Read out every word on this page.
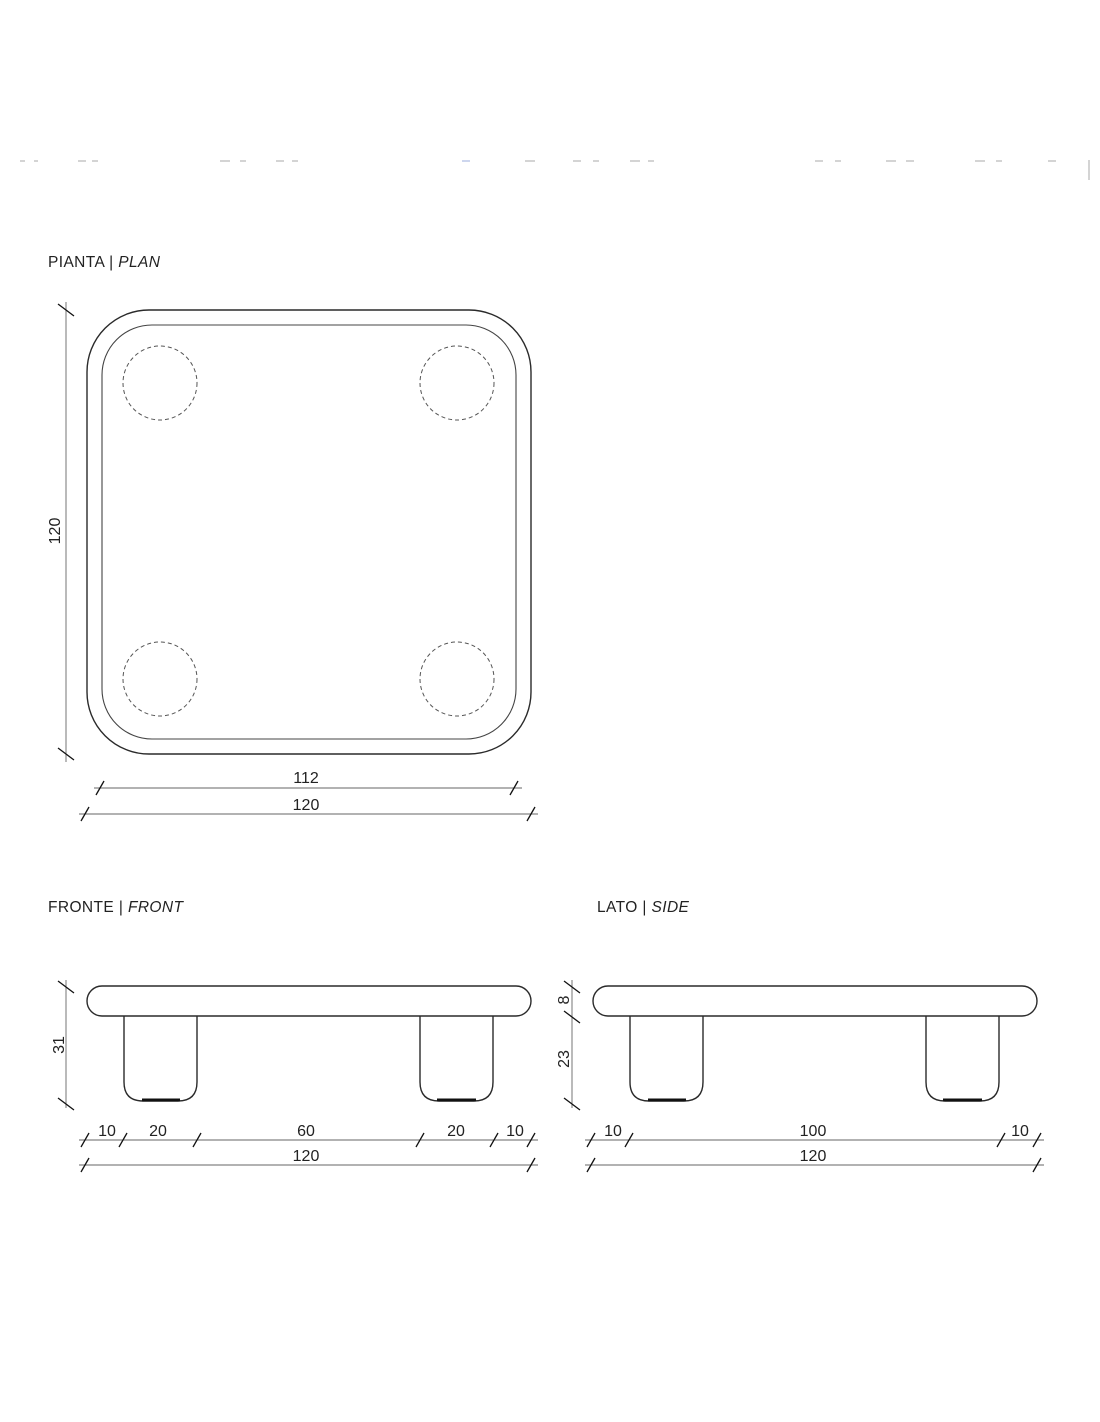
PIANTA | PLAN
120
112
120
FRONTE | FRONT
31
10 20	60	20	10
120
LATO | SIDE
8
23
10	100	10
120
